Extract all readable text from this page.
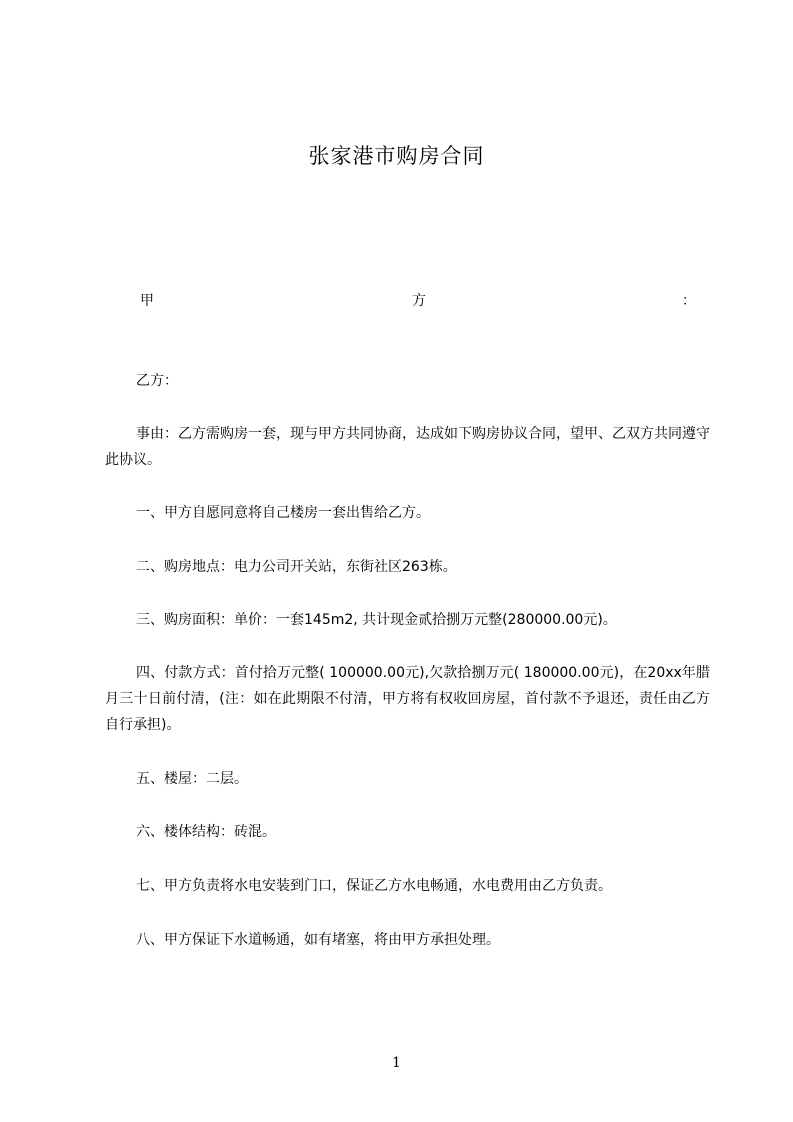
张家港市购房合同
甲	方	：
乙方：
事由：乙方需购房一套，现与甲方共同协商，达成如下购房协议合同，望甲、乙双方共同遵守此协议。
一、甲方自愿同意将自己楼房一套出售给乙方。
二、购房地点：电力公司开关站，东街社区263栋。
三、购房面积：单价：一套145m2, 共计现金贰拾捌万元整(280000.00元)。
四、付款方式：首付拾万元整( 100000.00元),欠款拾捌万元( 180000.00元)，在20xx年腊月三十日前付清，(注：如在此期限不付清，甲方将有权收回房屋，首付款不予退还，责任由乙方自行承担)。
五、楼屋：二层。
六、楼体结构：砖混。
七、甲方负责将水电安装到门口，保证乙方水电畅通，水电费用由乙方负责。
八、甲方保证下水道畅通，如有堵塞，将由甲方承担处理。
1
